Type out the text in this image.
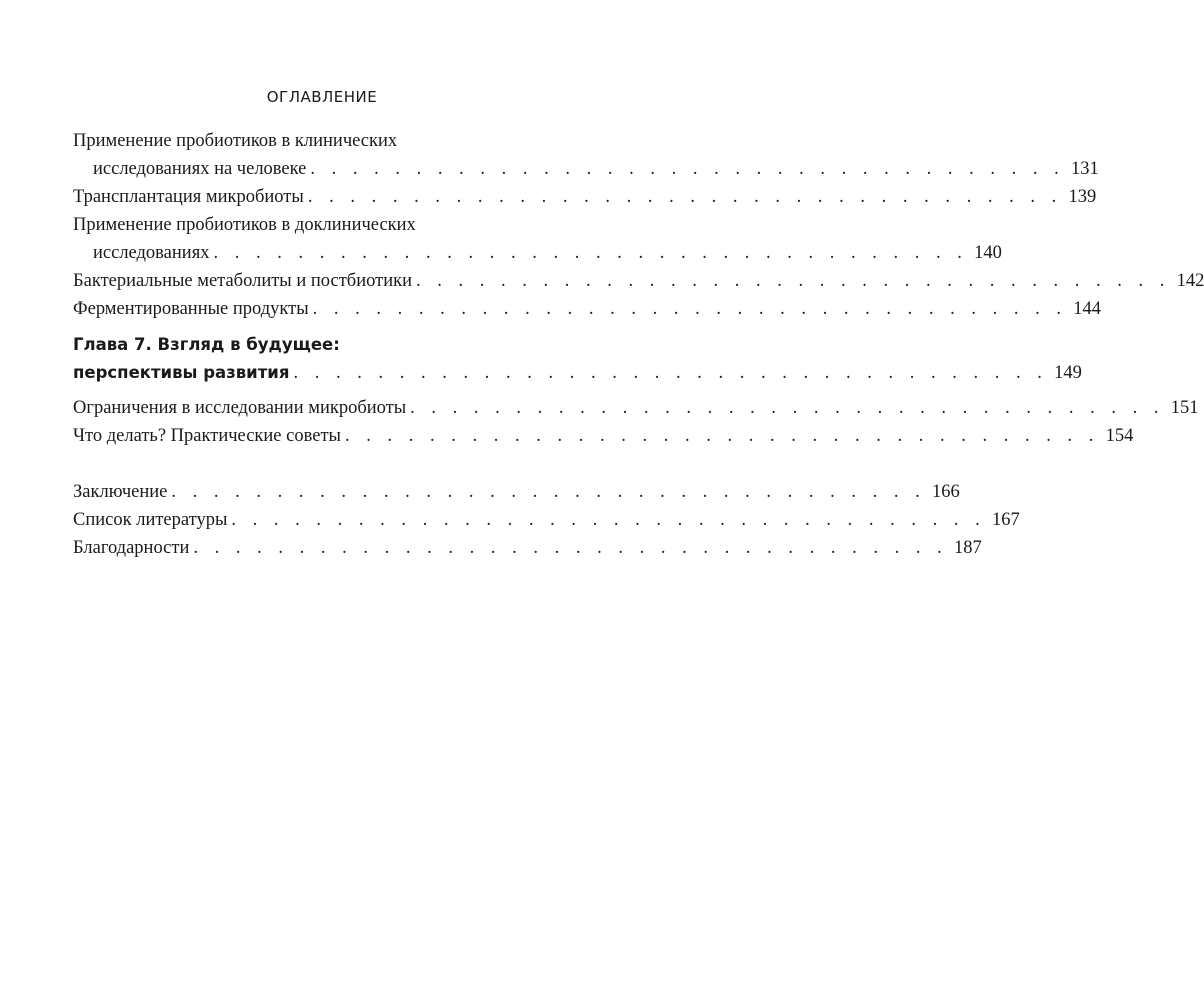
ОГЛАВЛЕНИЕ
Применение пробиотиков в клинических
исследованиях на человеке . . . . . . . . . . . . . . . . . . . . . . . . . . . . . . . . . . . . 131
Трансплантация микробиоты . . . . . . . . . . . . . . . . . . . . . . . . . . . . . . . . . . . . 139
Применение пробиотиков в доклинических
исследованиях . . . . . . . . . . . . . . . . . . . . . . . . . . . . . . . . . . . . 140
Бактериальные метаболиты и постбиотики . . . . . . . . . . . . . . . . . . . . . . . . . . . . . . . . . . . . 142
Ферментированные продукты . . . . . . . . . . . . . . . . . . . . . . . . . . . . . . . . . . . . 144
Глава 7. Взгляд в будущее:
перспективы развития . . . . . . . . . . . . . . . . . . . . . . . . . . . . . . . . . . . . 149
Ограничения в исследовании микробиоты . . . . . . . . . . . . . . . . . . . . . . . . . . . . . . . . . . . . 151
Что делать? Практические советы . . . . . . . . . . . . . . . . . . . . . . . . . . . . . . . . . . . . 154
Заключение . . . . . . . . . . . . . . . . . . . . . . . . . . . . . . . . . . . . 166
Список литературы . . . . . . . . . . . . . . . . . . . . . . . . . . . . . . . . . . . . 167
Благодарности . . . . . . . . . . . . . . . . . . . . . . . . . . . . . . . . . . . . 187
